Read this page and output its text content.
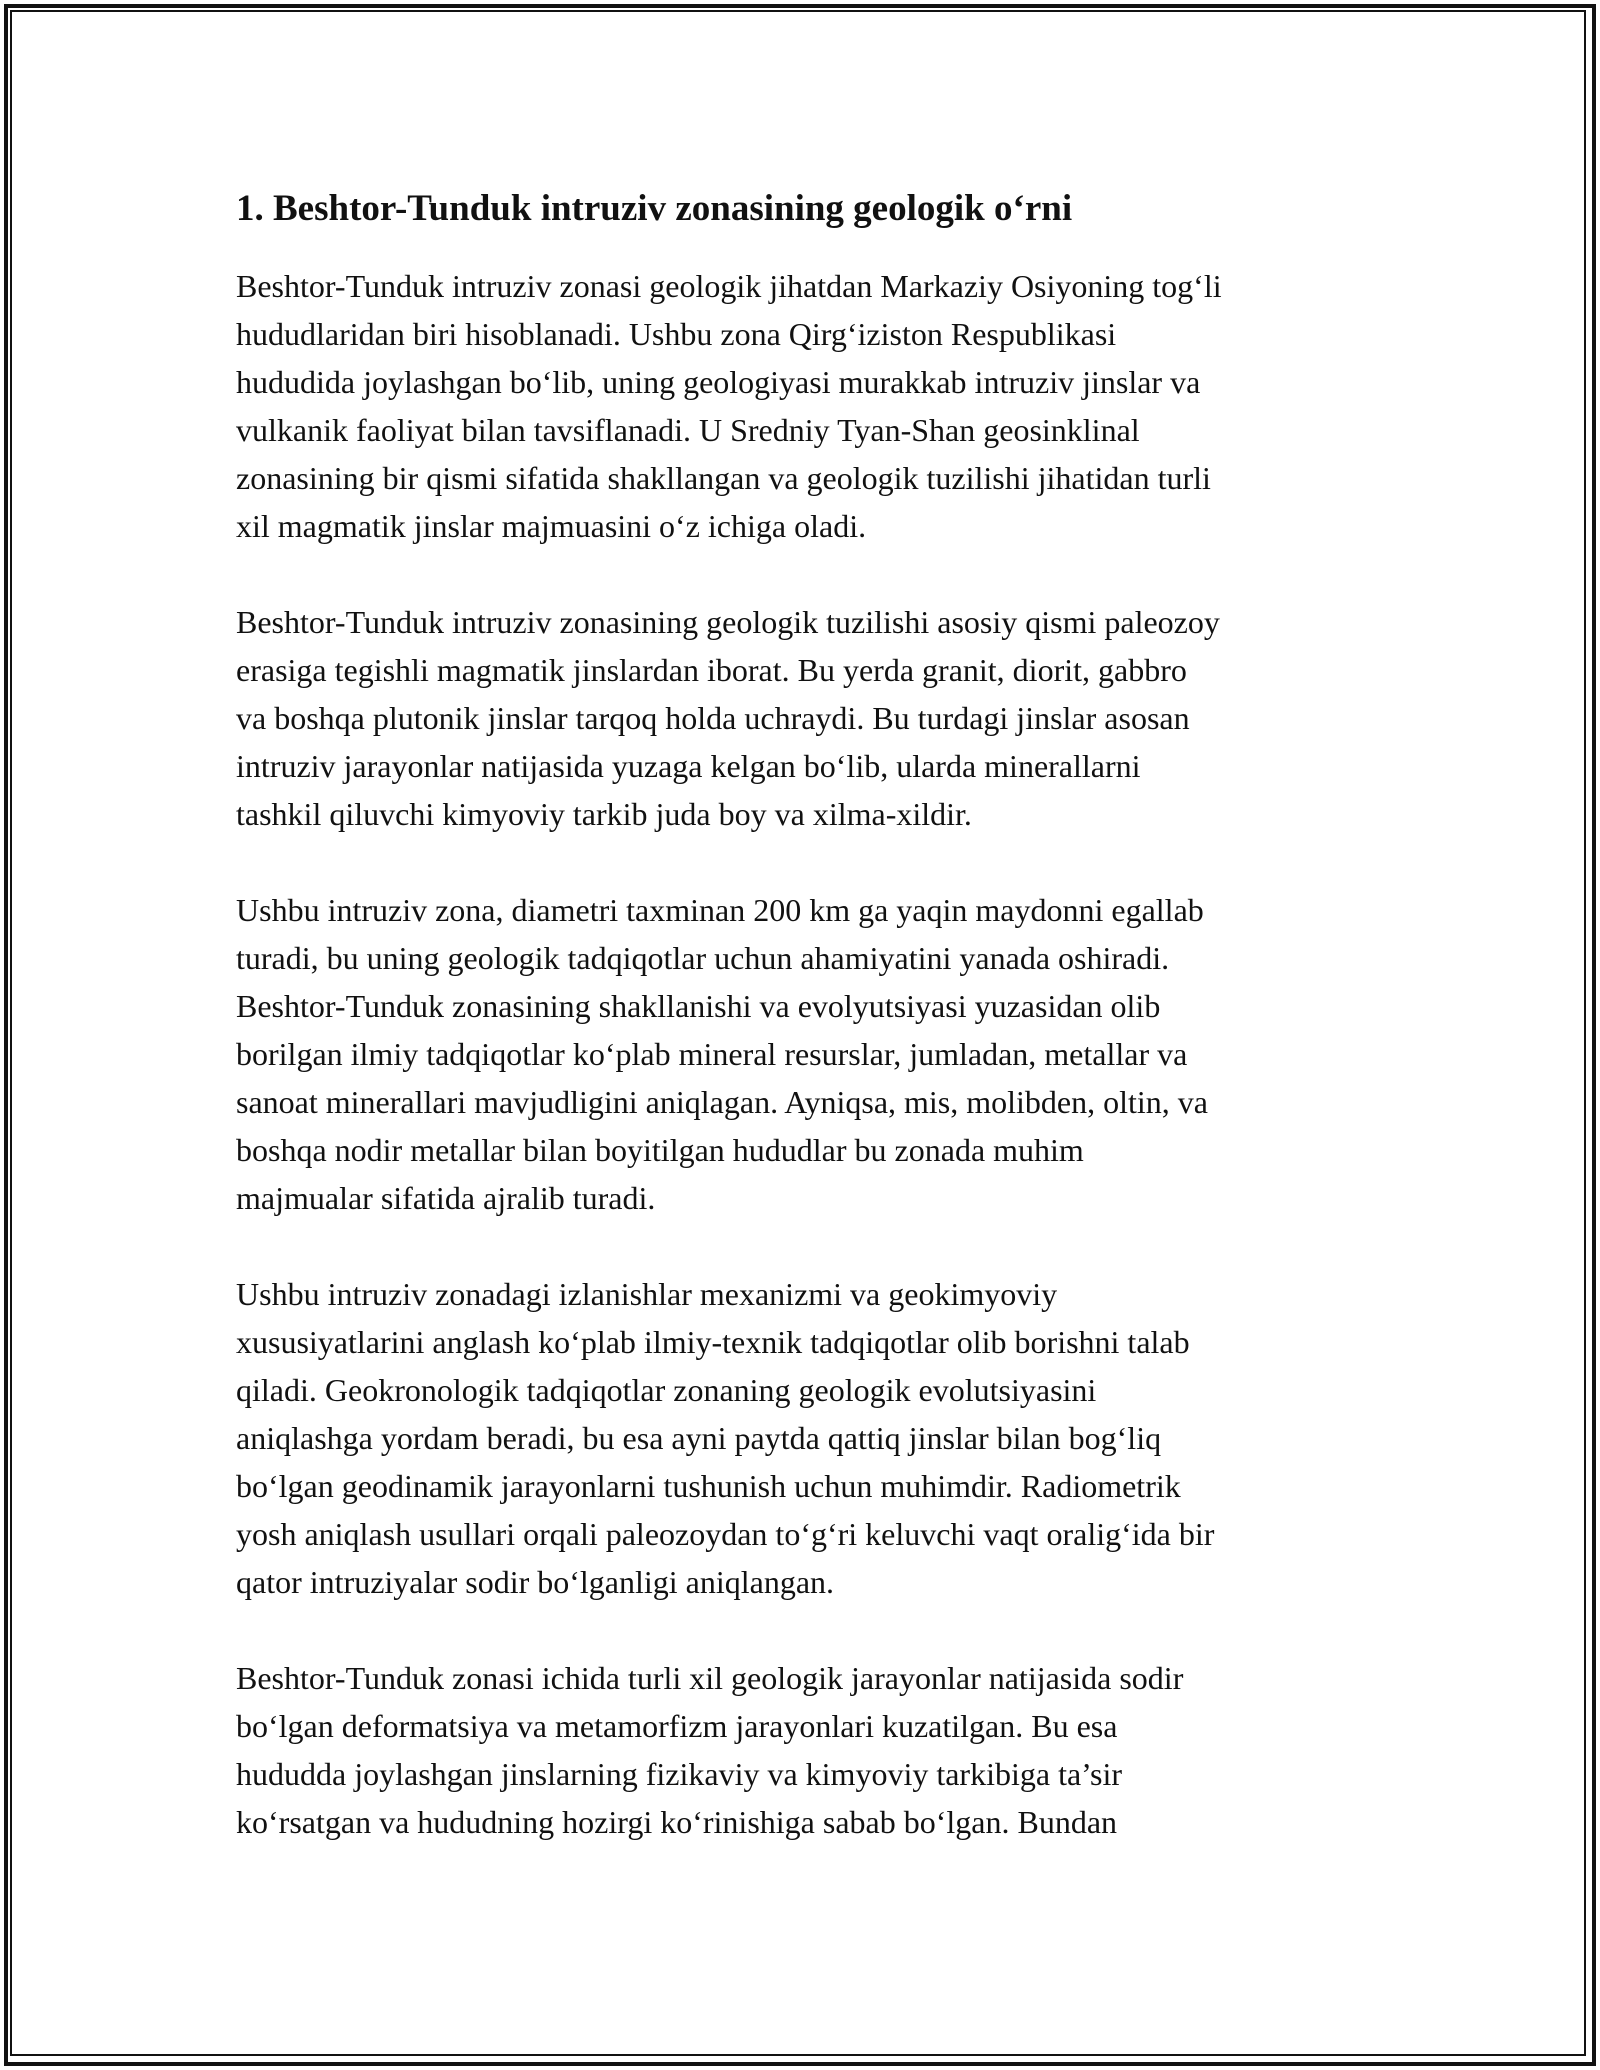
1. Beshtor-Tunduk intruziv zonasining geologik o‘rni

Beshtor-Tunduk intruziv zonasi geologik jihatdan Markaziy Osiyoning tog‘li
hududlaridan biri hisoblanadi. Ushbu zona Qirg‘iziston Respublikasi
hududida joylashgan bo‘lib, uning geologiyasi murakkab intruziv jinslar va
vulkanik faoliyat bilan tavsiflanadi. U Sredniy Tyan-Shan geosinklinal
zonasining bir qismi sifatida shakllangan va geologik tuzilishi jihatidan turli
xil magmatik jinslar majmuasini o‘z ichiga oladi.

Beshtor-Tunduk intruziv zonasining geologik tuzilishi asosiy qismi paleozoy
erasiga tegishli magmatik jinslardan iborat. Bu yerda granit, diorit, gabbro
va boshqa plutonik jinslar tarqoq holda uchraydi. Bu turdagi jinslar asosan
intruziv jarayonlar natijasida yuzaga kelgan bo‘lib, ularda minerallarni
tashkil qiluvchi kimyoviy tarkib juda boy va xilma-xildir.

Ushbu intruziv zona, diametri taxminan 200 km ga yaqin maydonni egallab
turadi, bu uning geologik tadqiqotlar uchun ahamiyatini yanada oshiradi.
Beshtor-Tunduk zonasining shakllanishi va evolyutsiyasi yuzasidan olib
borilgan ilmiy tadqiqotlar ko‘plab mineral resurslar, jumladan, metallar va
sanoat minerallari mavjudligini aniqlagan. Ayniqsa, mis, molibden, oltin, va
boshqa nodir metallar bilan boyitilgan hududlar bu zonada muhim
majmualar sifatida ajralib turadi.

Ushbu intruziv zonadagi izlanishlar mexanizmi va geokimyoviy
xususiyatlarini anglash ko‘plab ilmiy-texnik tadqiqotlar olib borishni talab
qiladi. Geokronologik tadqiqotlar zonaning geologik evolutsiyasini
aniqlashga yordam beradi, bu esa ayni paytda qattiq jinslar bilan bog‘liq
bo‘lgan geodinamik jarayonlarni tushunish uchun muhimdir. Radiometrik
yosh aniqlash usullari orqali paleozoydan to‘g‘ri keluvchi vaqt oralig‘ida bir
qator intruziyalar sodir bo‘lganligi aniqlangan.

Beshtor-Tunduk zonasi ichida turli xil geologik jarayonlar natijasida sodir
bo‘lgan deformatsiya va metamorfizm jarayonlari kuzatilgan. Bu esa
hududda joylashgan jinslarning fizikaviy va kimyoviy tarkibiga ta’sir
ko‘rsatgan va hududning hozirgi ko‘rinishiga sabab bo‘lgan. Bundan
